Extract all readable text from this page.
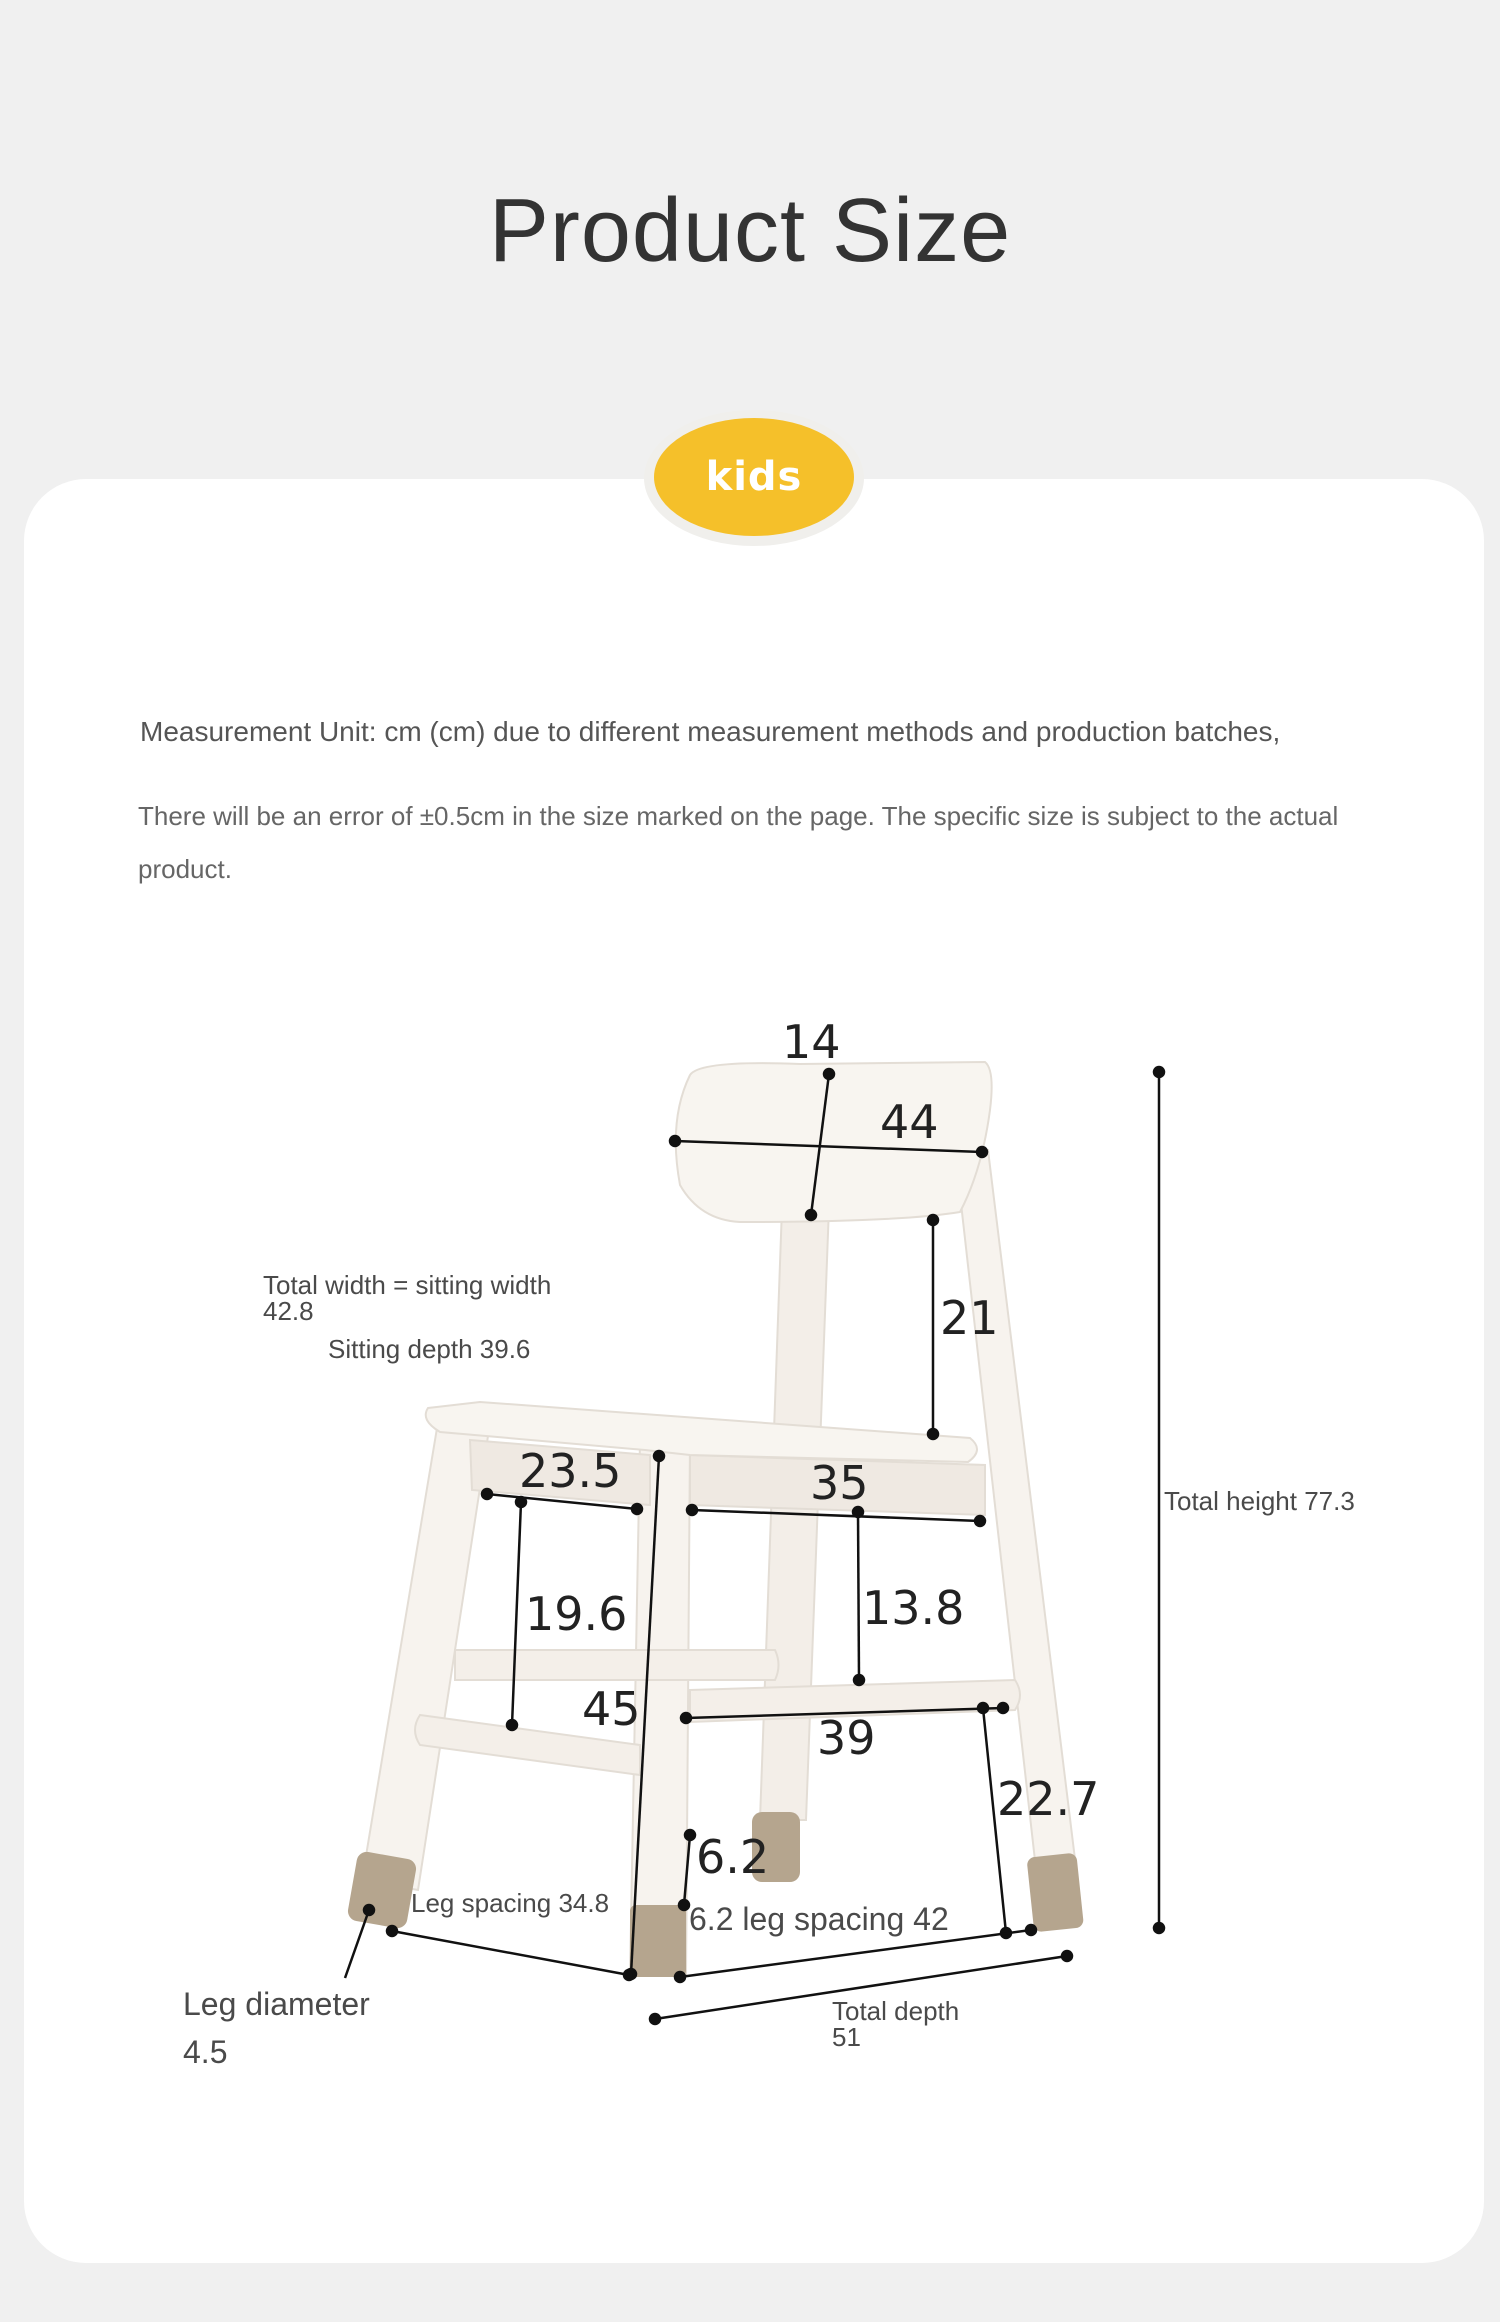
Product Size
kids
Measurement Unit: cm (cm) due to different measurement methods and production batches,
There will be an error of ±0.5cm in the size marked on the page. The specific size is subject to the actual product.
14
44
21
23.5	35
19.6	13.8
45
39
22.7
6.2
Total width = sitting width
42.8
Sitting depth 39.6
Total height 77.3
Leg spacing 34.8 6.2 leg spacing 42
Leg diameter
4.5
Total depth
51
